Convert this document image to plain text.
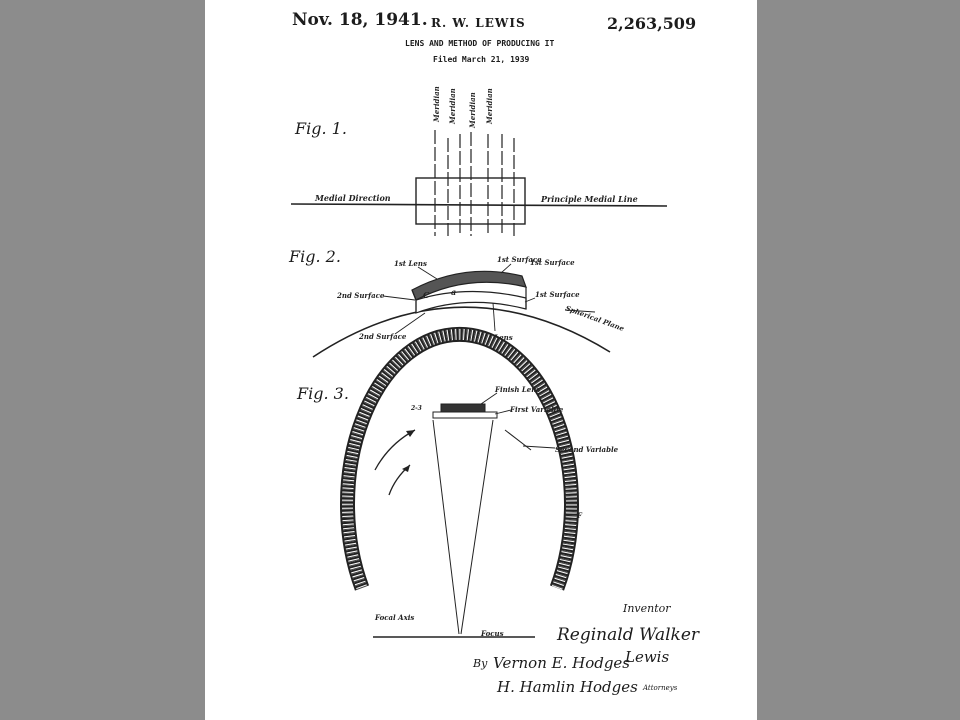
Nov. 18, 1941. R. W. LEWIS	2,263,509
LENS AND METHOD OF PRODUCING IT
Filed March 21, 1939
Fig. 1.
Meridian Meridian Meridian Meridian
Medial Direction	Principle Medial Line
Fig. 2.	1st Lens	1st Surface
1st Surface
2nd Surface	1st Surface
2nd Surface	2nd Lens
Spherical Plane
C	a
Fig. 3.	Finish Lens
First Variable
Second Variable
2-3
F
Focal Axis
Focus
Inventor
Reginald Walker
Lewis
By Vernon E. Hodges
H. Hamlin Hodges Attorneys
